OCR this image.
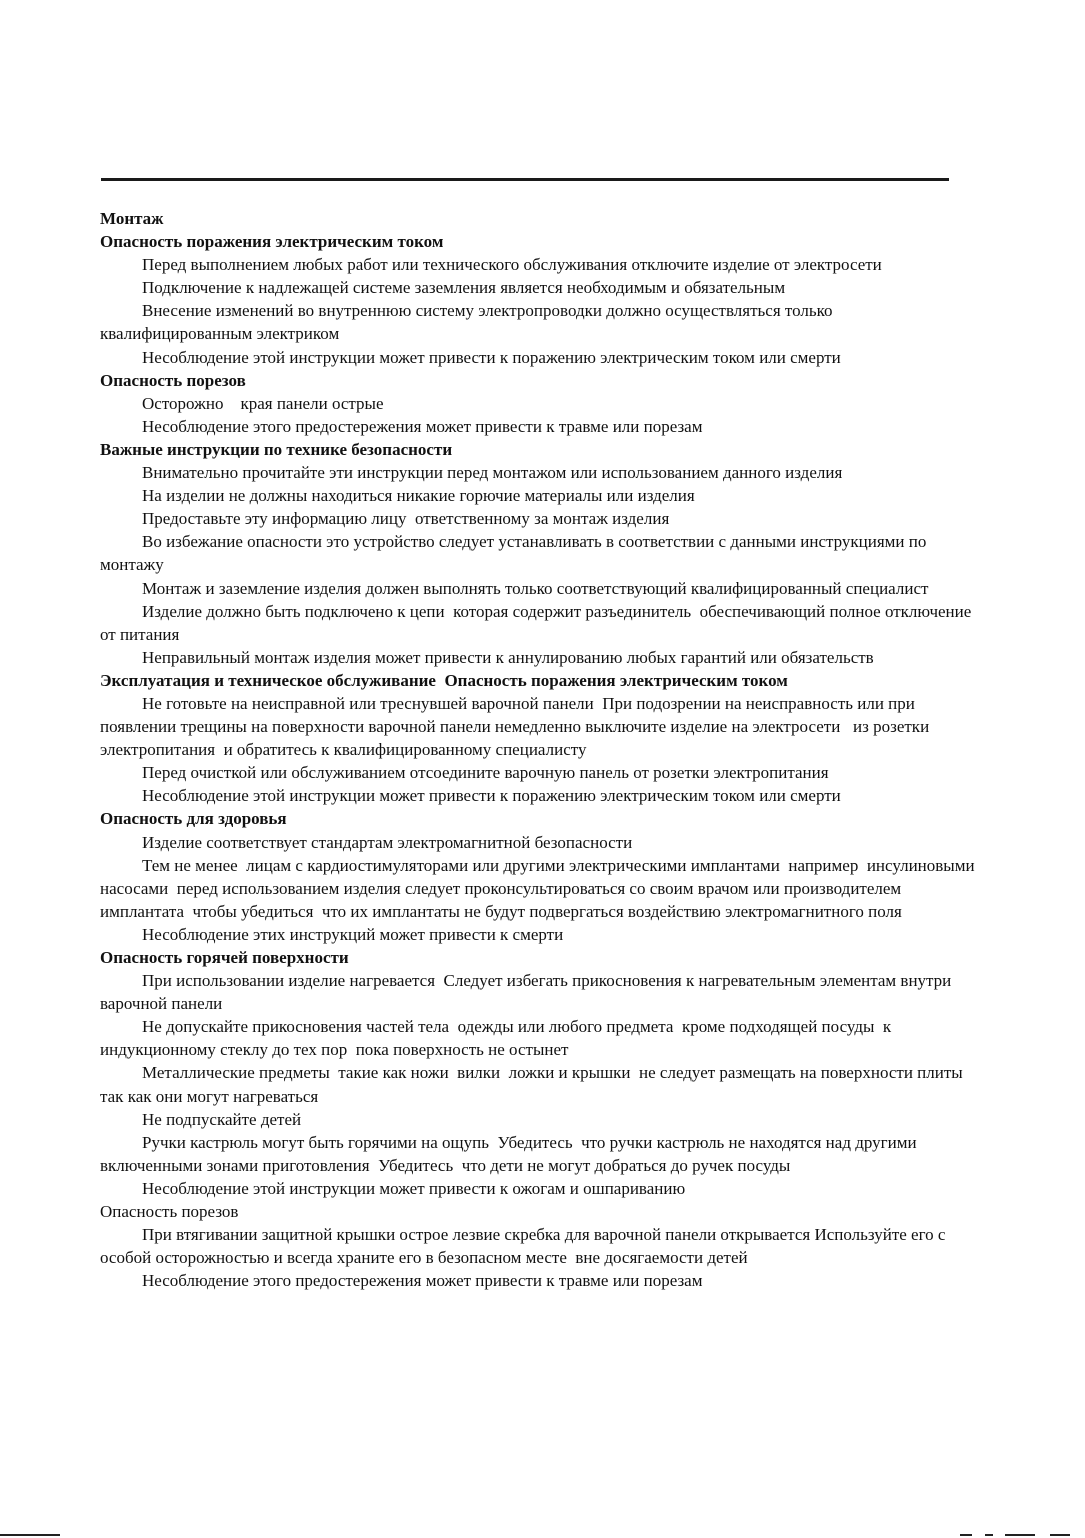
Монтаж

Опасность поражения электрическим током

Перед выполнением любых работ или технического обслуживания отключите изделие от электросети

Подключение к надлежащей системе заземления является необходимым и обязательным

Внесение изменений во внутреннюю систему электропроводки должно осуществляться только квалифицированным электриком

Несоблюдение этой инструкции может привести к поражению электрическим током или смерти

Опасность порезов

Осторожно    края панели острые

Несоблюдение этого предостережения может привести к травме или порезам

Важные инструкции по технике безопасности

Внимательно прочитайте эти инструкции перед монтажом или использованием данного изделия

На изделии не должны находиться никакие горючие материалы или изделия

Предоставьте эту информацию лицу  ответственному за монтаж изделия

Во избежание опасности это устройство следует устанавливать в соответствии с данными инструкциями по монтажу

Монтаж и заземление изделия должен выполнять только соответствующий квалифицированный специалист

Изделие должно быть подключено к цепи  которая содержит разъединитель  обеспечивающий полное отключение от питания

Неправильный монтаж изделия может привести к аннулированию любых гарантий или обязательств

Эксплуатация и техническое обслуживание  Опасность поражения электрическим током

Не готовьте на неисправной или треснувшей варочной панели  При подозрении на неисправность или при появлении трещины на поверхности варочной панели немедленно выключите изделие на электросети   из розетки электропитания  и обратитесь к квалифицированному специалисту

Перед очисткой или обслуживанием отсоедините варочную панель от розетки электропитания

Несоблюдение этой инструкции может привести к поражению электрическим током или смерти

Опасность для здоровья

Изделие соответствует стандартам электромагнитной безопасности

Тем не менее  лицам с кардиостимуляторами или другими электрическими имплантами  например  инсулиновыми насосами  перед использованием изделия следует проконсультироваться со своим врачом или производителем имплантата  чтобы убедиться  что их имплантаты не будут подвергаться воздействию электромагнитного поля

Несоблюдение этих инструкций может привести к смерти

Опасность горячей поверхности

При использовании изделие нагревается  Следует избегать прикосновения к нагревательным элементам внутри варочной панели

Не допускайте прикосновения частей тела  одежды или любого предмета  кроме подходящей посуды  к индукционному стеклу до тех пор  пока поверхность не остынет

Металлические предметы  такие как ножи  вилки  ложки и крышки  не следует размещать на поверхности плиты  так как они могут нагреваться

Не подпускайте детей

Ручки кастрюль могут быть горячими на ощупь  Убедитесь  что ручки кастрюль не находятся над другими включенными зонами приготовления  Убедитесь  что дети не могут добраться до ручек посуды

Несоблюдение этой инструкции может привести к ожогам и ошпариванию

Опасность порезов

При втягивании защитной крышки острое лезвие скребка для варочной панели открывается Используйте его с особой осторожностью и всегда храните его в безопасном месте  вне досягаемости детей

Несоблюдение этого предостережения может привести к травме или порезам
